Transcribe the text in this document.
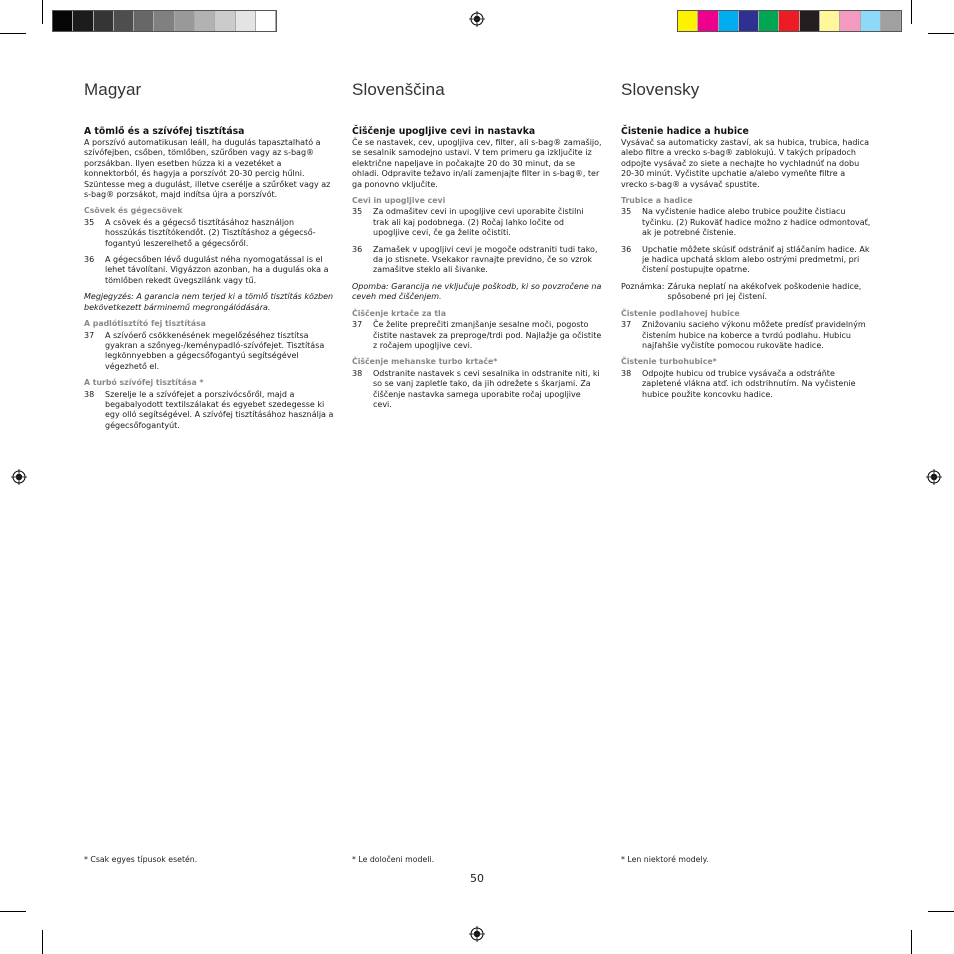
Magyar
A tömlő és a szívófej tisztítása

A porszívó automatikusan leáll, ha dugulás tapasztalható a szívófejben, csőben, tömlőben, szűrőben vagy az s-bag® porzsákban. Ilyen esetben húzza ki a vezetéket a konnektorból, és hagyja a porszívót 20-30 percig hűlni. Szüntesse meg a dugulást, illetve cserélje a szűrőket vagy az s-bag® porzsákot, majd indítsa újra a porszívót.

Csövek és gégecsövek
35	A csövek és a gégecső tisztításához használjon hosszúkás tisztítókendőt. (2) Tisztításhoz a gégecső-fogantyú leszerelhető a gégecsőről.
36	A gégecsőben lévő dugulást néha nyomogatással is el lehet távolítani. Vigyázzon azonban, ha a dugulás oka a tömlőben rekedt üvegszilánk vagy tű.

Megjegyzés: A garancia nem terjed ki a tömlő tisztítás közben bekövetkezett bárminemű megrongálódására.

A padlótisztító fej tisztítása
37	A szívóerő csökkenésének megelőzéséhez tisztítsa gyakran a szőnyeg-/keménypadló-szívófejet. Tisztítása legkönnyebben a gégecsőfogantyú segítségével végezhető el.
A turbó szívófej tisztítása *
38	Szerelje le a szívófejet a porszívócsőről, majd a begabalyodott textilszálakat és egyebet szedegesse ki egy olló segítségével. A szívófej tisztításához használja a gégecsőfogantyút.
Slovenščina
Čiščenje upogljive cevi in nastavka

Če se nastavek, cev, upogljiva cev, filter, ali s-bag® zamašijo, se sesalnik samodejno ustavi. V tem primeru ga izključite iz električne napeljave in počakajte 20 do 30 minut, da se ohladi. Odpravite težavo in/ali zamenjajte filter in s-bag®, ter ga ponovno vključite.

Cevi in upogljive cevi
35	Za odmašitev cevi in upogljive cevi uporabite čistilni trak ali kaj podobnega. (2) Ročaj lahko ločite od upogljive cevi, če ga želite očistiti.
36	Zamašek v upogljivi cevi je mogoče odstraniti tudi tako, da jo stisnete. Vsekakor ravnajte previdno, če so vzrok zamašitve steklo ali šivanke.

Opomba: Garancija ne vključuje poškodb, ki so povzročene na ceveh med čiščenjem.

Čiščenje krtače za tla
37	Če želite preprečiti zmanjšanje sesalne moči, pogosto čistite nastavek za preproge/trdi pod. Najlažje ga očistite z ročajem upogljive cevi.
Čiščenje mehanske turbo krtače*
38	Odstranite nastavek s cevi sesalnika in odstranite niti, ki so se vanj zapletle tako, da jih odrežete s škarjami. Za čiščenje nastavka samega uporabite ročaj upogljive cevi.
Slovensky
Čistenie hadice a hubice

Vysávač sa automaticky zastaví, ak sa hubica, trubica, hadica alebo filtre a vrecko s-bag® zablokujú. V takých prípadoch odpojte vysávač zo siete a nechajte ho vychladnúť na dobu 20-30 minút. Vyčistite upchatie a/alebo vymeňte filtre a vrecko s-bag® a vysávač spustite.

Trubice a hadice
35	Na vyčistenie hadice alebo trubice použite čistiacu tyčinku. (2) Rukoväť hadice možno z hadice odmontovať, ak je potrebné čistenie.
36	Upchatie môžete skúsiť odstrániť aj stláčaním hadice. Ak je hadica upchatá sklom alebo ostrými predmetmi, pri čistení postupujte opatrne.
Poznámka: Záruka neplatí na akékoľvek poškodenie hadice, spôsobené pri jej čistení.
Čistenie podlahovej hubice
37	Znižovaniu sacieho výkonu môžete predísť pravidelným čistením hubice na koberce a tvrdú podlahu. Hubicu najľahšie vyčistíte pomocou rukoväte hadice.
Čistenie turbohubice*
38	Odpojte hubicu od trubice vysávača a odstráňte zapletené vlákna atď. ich odstrihnutím. Na vyčistenie hubice použite koncovku hadice.
* Csak egyes típusok esetén.	* Le določeni modeli.	* Len niektoré modely.
50
